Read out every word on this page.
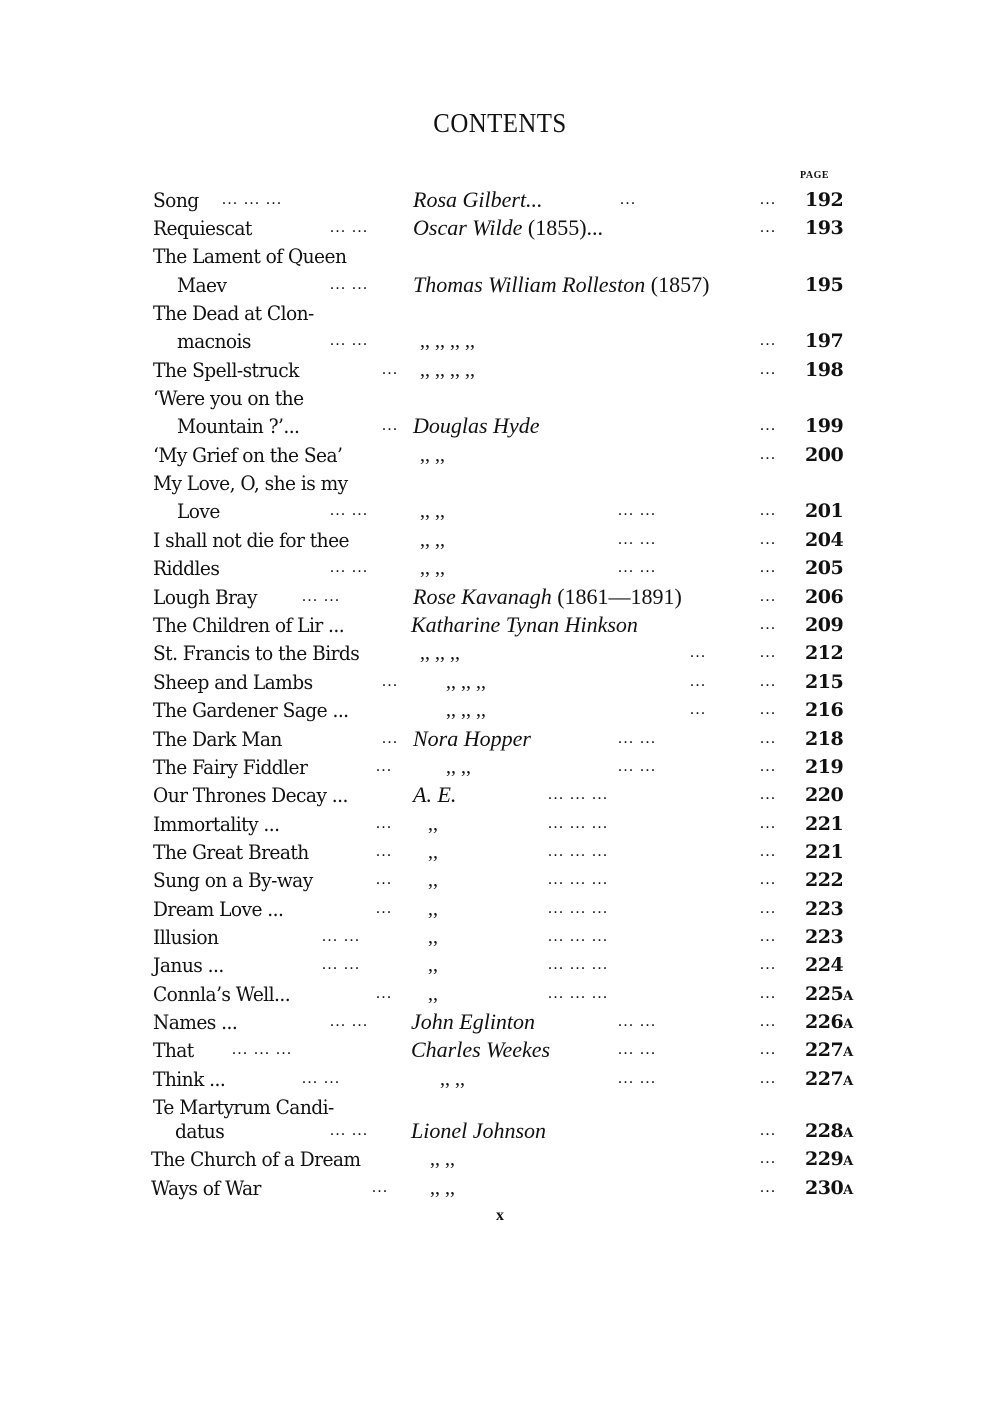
CONTENTS
PAGE
Song ... ... ...	Rosa Gilbert...	...	... 192
Requiescat	... ... Oscar Wilde (1855)...	... 193
The Lament of Queen
Maev	... ... Thomas William Rolleston (1857)	195
The Dead at Clon-
macnois	... ...	,, ,, ,, ,,	... 197
The Spell-struck	... ,, ,, ,, ,,	... 198
‘Were you on the
Mountain ?’...	... Douglas Hyde	... 199
‘My Grief on the Sea’	,, ,,	... 200
My Love, O, she is my
Love	... ...	,, ,,	... ...	... 201
I shall not die for thee	,, ,,	... ...	... 204
Riddles	... ...	,, ,,	... ...	... 205
Lough Bray	... ...	Rose Kavanagh (1861—1891)	... 206
The Children of Lir ...	Katharine Tynan Hinkson	... 209
St. Francis to the Birds	,, ,, ,,	...	... 212
Sheep and Lambs	... ,, ,, ,,	...	... 215
The Gardener Sage ...	,, ,, ,,	...	... 216
The Dark Man	... Nora Hopper	... ...	... 218
The Fairy Fiddler	...	,, ,,	... ...	... 219
Our Thrones Decay ...	A. E.	... ... ...	... 220
Immortality ...	... ,,	... ... ...	... 221
The Great Breath	... ,,	... ... ...	... 221
Sung on a By-way	... ,,	... ... ...	... 222
Dream Love ...	... ,,	... ... ...	... 223
Illusion	... ...	,,	... ... ...	... 223
Janus ...	... ...	,,	... ... ...	... 224
Connla’s Well...	... ,,	... ... ...	... 225A
Names ...	... ... John Eglinton	... ...	... 226A
That ... ... ...	Charles Weekes	... ...	... 227A
Think ...	... ...	,, ,,	... ...	... 227A
Te Martyrum Candi-
datus	... ... Lionel Johnson	... 228A
The Church of a Dream	,, ,,	... 229A
Ways of War	... ,, ,,	... 230A
x
